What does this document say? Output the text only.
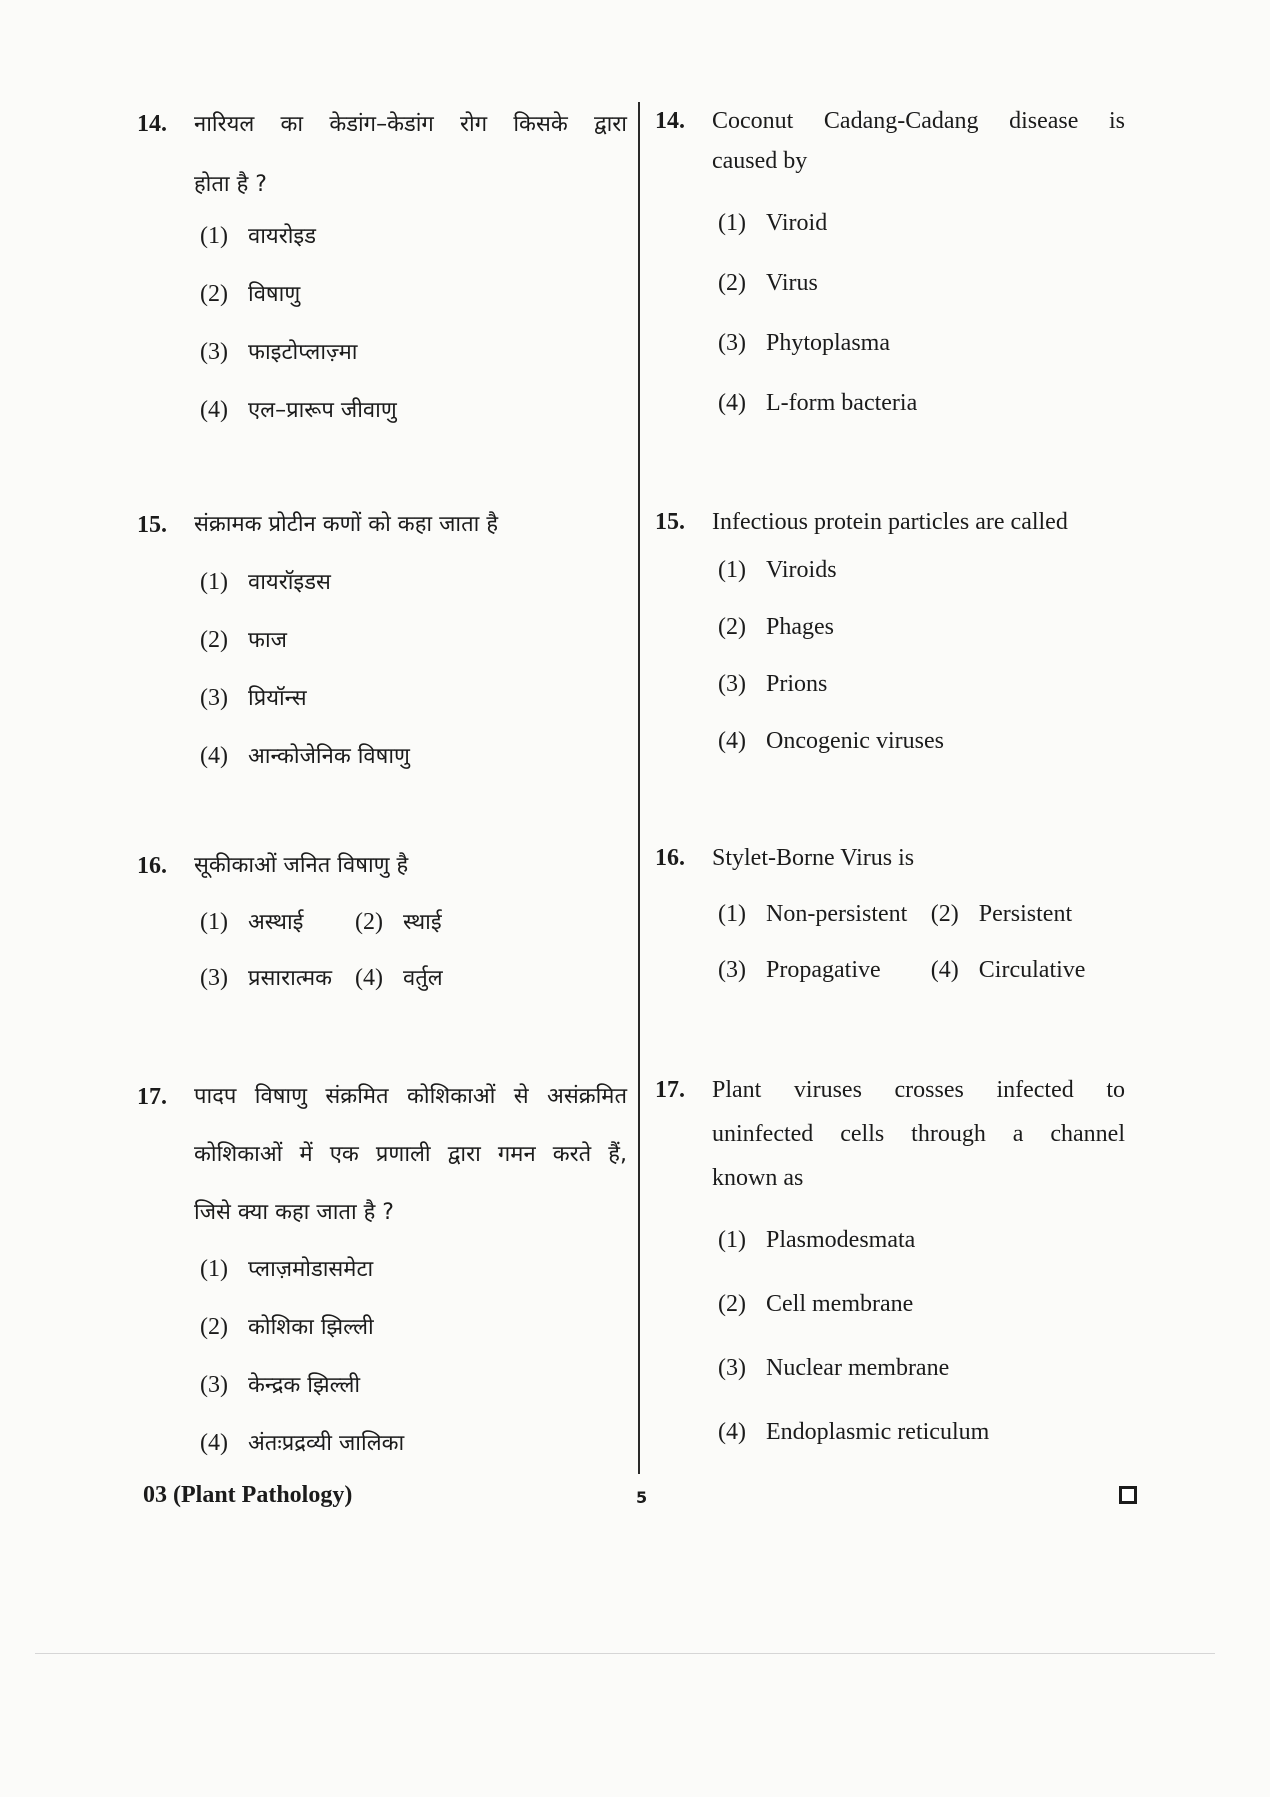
14.	नारियल का केडांग–केडांग रोग किसके द्वारा
होता है ?
(1) वायरोइड
(2) विषाणु
(3) फाइटोप्लाज़्मा
(4) एल–प्रारूप जीवाणु
15.	संक्रामक प्रोटीन कणों को कहा जाता है
(1) वायरॉइडस
(2) फाज
(3) प्रियॉन्स
(4) आन्कोजेनिक विषाणु
16.	सूकीकाओं जनित विषाणु है
(1) अस्थाई	(2) स्थाई
(3) प्रसारात्मक (4) वर्तुल
17.	पादप विषाणु संक्रमित कोशिकाओं से असंक्रमित
कोशिकाओं में एक प्रणाली द्वारा गमन करते हैं,
जिसे क्या कहा जाता है ?
(1) प्लाज़मोडासमेटा
(2) कोशिका झिल्ली
(3) केन्द्रक झिल्ली
(4) अंतःप्रद्रव्यी जालिका
14.	Coconut Cadang-Cadang disease is
caused by
(1) Viroid
(2) Virus
(3) Phytoplasma
(4) L-form bacteria
15.	Infectious protein particles are called
(1) Viroids
(2) Phages
(3) Prions
(4) Oncogenic viruses
16.	Stylet-Borne Virus is
(1) Non-persistent (2) Persistent
(3) Propagative	(4) Circulative
17.	Plant viruses crosses infected to
uninfected cells through a channel
known as
(1) Plasmodesmata
(2) Cell membrane
(3) Nuclear membrane
(4) Endoplasmic reticulum
03 (Plant Pathology)	5
